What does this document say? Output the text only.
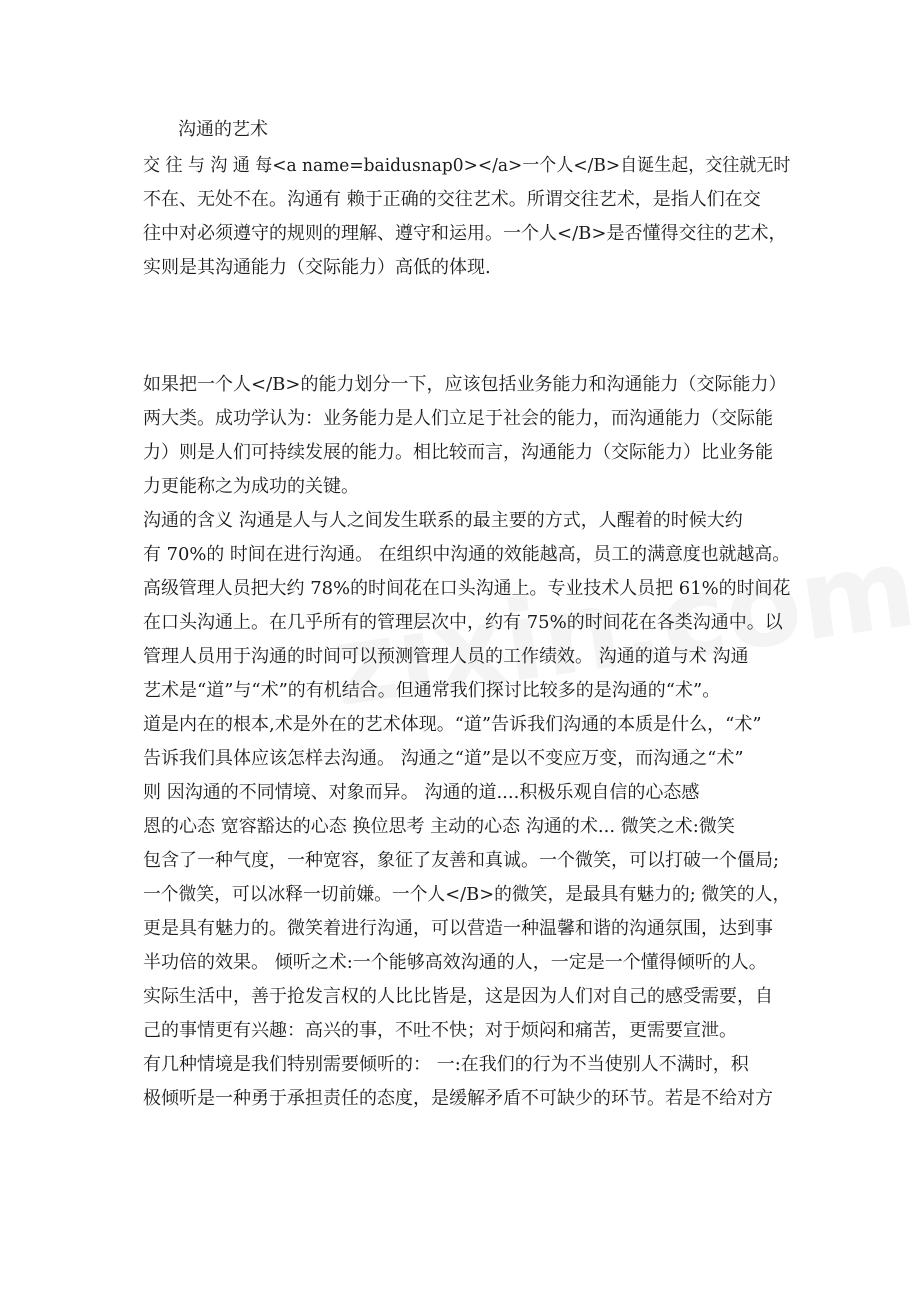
沟通的艺术
交 往 与 沟 通 每<a name=baidusnap0></a>一个人</B>自诞生起，交往就无时
不在、无处不在。沟通有 赖于正确的交往艺术。所谓交往艺术，是指人们在交
往中对必须遵守的规则的理解、遵守和运用。一个人</B>是否懂得交往的艺术，
实则是其沟通能力（交际能力）高低的体现.
如果把一个人</B>的能力划分一下，应该包括业务能力和沟通能力（交际能力）
两大类。成功学认为：业务能力是人们立足于社会的能力，而沟通能力（交际能
力）则是人们可持续发展的能力。相比较而言，沟通能力（交际能力）比业务能
力更能称之为成功的关键。
沟通的含义 沟通是人与人之间发生联系的最主要的方式，人醒着的时候大约
有 70%的 时间在进行沟通。 在组织中沟通的效能越高，员工的满意度也就越高。
高级管理人员把大约 78%的时间花在口头沟通上。专业技术人员把 61%的时间花
在口头沟通上。在几乎所有的管理层次中，约有 75%的时间花在各类沟通中。以
管理人员用于沟通的时间可以预测管理人员的工作绩效。 沟通的道与术 沟通
艺术是“道”与“术”的有机结合。但通常我们探讨比较多的是沟通的“术”。
道是内在的根本,术是外在的艺术体现。“道”告诉我们沟通的本质是什么，“术”
告诉我们具体应该怎样去沟通。 沟通之“道”是以不变应万变，而沟通之“术”
则 因沟通的不同情境、对象而异。 沟通的道....积极乐观自信的心态感
恩的心态 宽容豁达的心态 换位思考 主动的心态 沟通的术... 微笑之术:微笑
包含了一种气度，一种宽容，象征了友善和真诚。一个微笑，可以打破一个僵局;
一个微笑，可以冰释一切前嫌。一个人</B>的微笑，是最具有魅力的; 微笑的人，
更是具有魅力的。微笑着进行沟通，可以营造一种温馨和谐的沟通氛围，达到事
半功倍的效果。 倾听之术:一个能够高效沟通的人，一定是一个懂得倾听的人。
实际生活中，善于抢发言权的人比比皆是，这是因为人们对自己的感受需要，自
己的事情更有兴趣：高兴的事，不吐不快；对于烦闷和痛苦，更需要宣泄。
有几种情境是我们特别需要倾听的： 一:在我们的行为不当使别人不满时，积
极倾听是一种勇于承担责任的态度，是缓解矛盾不可缺少的环节。若是不给对方
